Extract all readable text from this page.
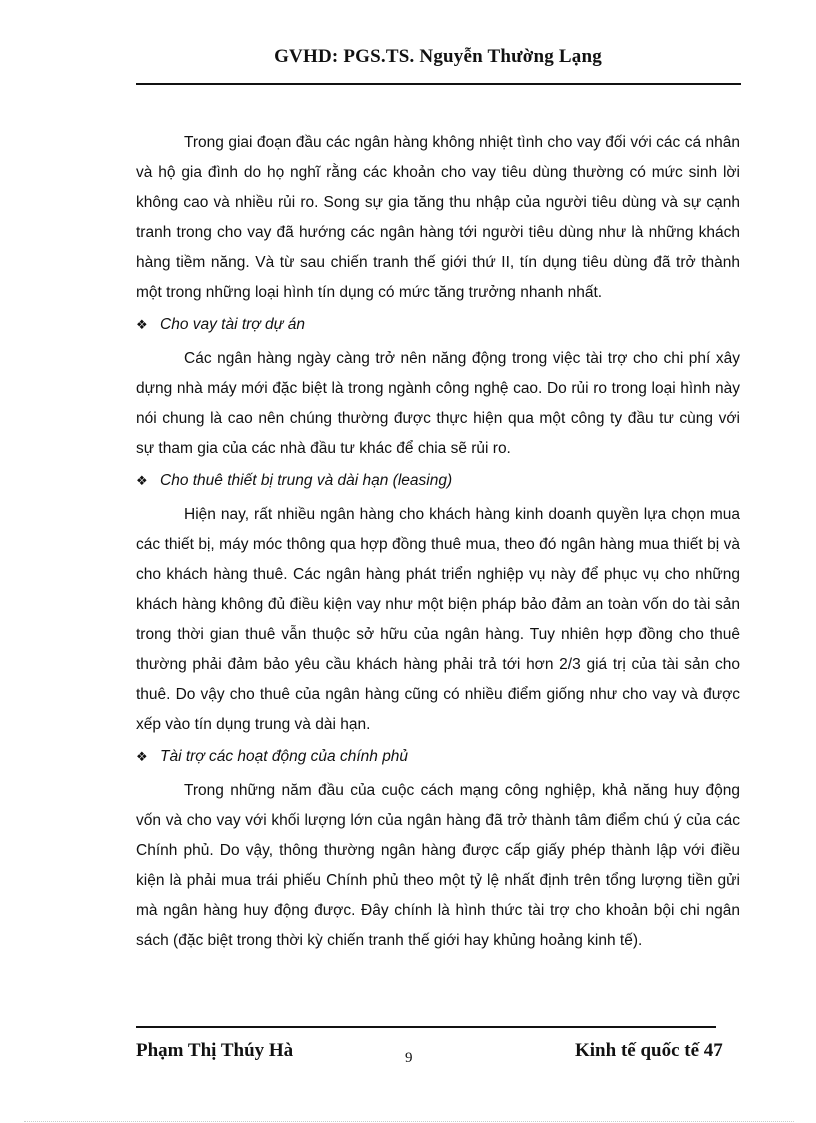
GVHD: PGS.TS. Nguyễn Thường Lạng

Trong giai đoạn đầu các ngân hàng không nhiệt tình cho vay đối với các cá nhân và hộ gia đình do họ nghĩ rằng các khoản cho vay tiêu dùng thường có mức sinh lời không cao và nhiều rủi ro. Song sự gia tăng thu nhập của người tiêu dùng và sự cạnh tranh trong cho vay đã hướng các ngân hàng tới người tiêu dùng như là những khách hàng tiềm năng. Và từ sau chiến tranh thế giới thứ II, tín dụng tiêu dùng đã trở thành một trong những loại hình tín dụng có mức tăng trưởng nhanh nhất.

❖ Cho vay tài trợ dự án

Các ngân hàng ngày càng trở nên năng động trong việc tài trợ cho chi phí xây dựng nhà máy mới đặc biệt là trong ngành công nghệ cao. Do rủi ro trong loại hình này nói chung là cao nên chúng thường được thực hiện qua một công ty đầu tư cùng với sự tham gia của các nhà đầu tư khác để chia sẽ rủi ro.

❖ Cho thuê thiết bị trung và dài hạn (leasing)

Hiện nay, rất nhiều ngân hàng cho khách hàng kinh doanh quyền lựa chọn mua các thiết bị, máy móc thông qua hợp đồng thuê mua, theo đó ngân hàng mua thiết bị và cho khách hàng thuê. Các ngân hàng phát triển nghiệp vụ này để phục vụ cho những khách hàng không đủ điều kiện vay như một biện pháp bảo đảm an toàn vốn do tài sản trong thời gian thuê vẫn thuộc sở hữu của ngân hàng. Tuy nhiên hợp đồng cho thuê thường phải đảm bảo yêu cầu khách hàng phải trả tới hơn 2/3 giá trị của tài sản cho thuê. Do vậy cho thuê của ngân hàng cũng có nhiều điểm giống như cho vay và được xếp vào tín dụng trung và dài hạn.

❖ Tài trợ các hoạt động của chính phủ

Trong những năm đầu của cuộc cách mạng công nghiệp, khả năng huy động vốn và cho vay với khối lượng lớn của ngân hàng đã trở thành tâm điểm chú ý của các Chính phủ. Do vậy, thông thường ngân hàng được cấp giấy phép thành lập với điều kiện là phải mua trái phiếu Chính phủ theo một tỷ lệ nhất định trên tổng lượng tiền gửi mà ngân hàng huy động được. Đây chính là hình thức tài trợ cho khoản bội chi ngân sách (đặc biệt trong thời kỳ chiến tranh thế giới hay khủng hoảng kinh tế).

Phạm Thị Thúy Hà	9	Kinh tế quốc tế 47
